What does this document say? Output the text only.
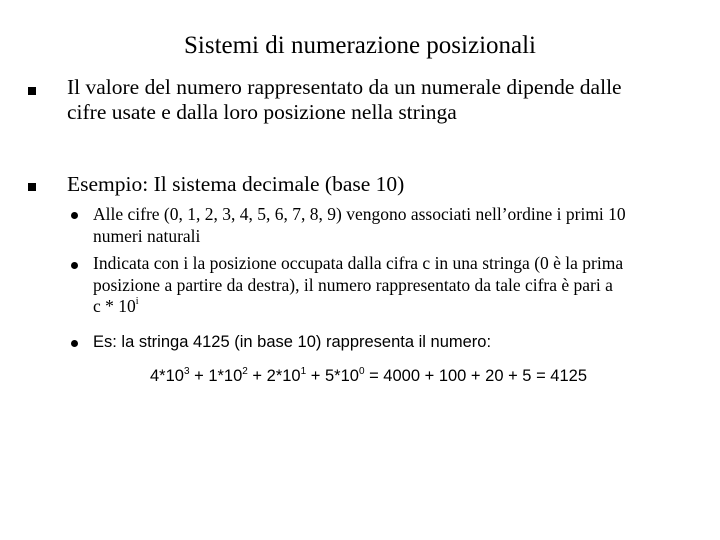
Sistemi di numerazione posizionali
Il valore del numero rappresentato da un numerale dipende dalle
cifre usate e dalla loro posizione nella stringa
Esempio: Il sistema decimale (base 10)
Alle cifre (0, 1, 2, 3, 4, 5, 6, 7, 8, 9) vengono associati nell’ordine i primi 10
numeri naturali
Indicata con i la posizione occupata dalla cifra c in una stringa (0 è la prima
posizione a partire da destra), il numero rappresentato da tale cifra è pari a
c * 10$^i$
Es: la stringa 4125 (in base 10) rappresenta il numero:
$4*10^3 + 1*10^2 + 2*10^1 + 5*10^0 = 4000 + 100 + 20 + 5 = 4125$
